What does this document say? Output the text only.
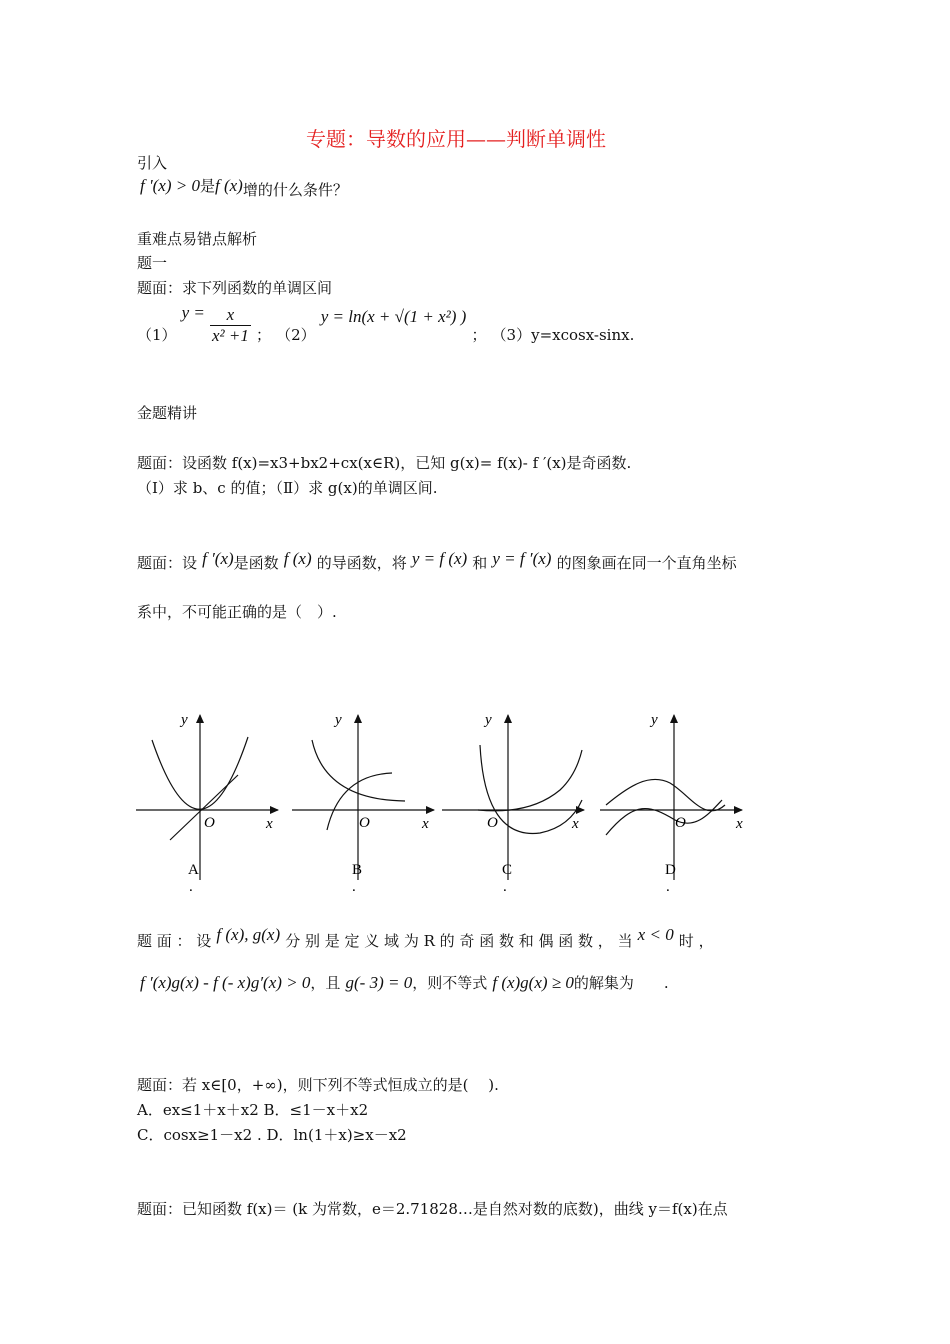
专题：导数的应用——判断单调性
引入
f '(x) > 0是f (x)增的什么条件？
重难点易错点解析
题一
题面：求下列函数的单调区间
（1） $y = \frac{x}{\text{x² +1}}$ ； （2） y = ln(x + √(1 + x²) ) ； （3）y=xcosx-sinx.
金题精讲
题面：设函数 f(x)=x3+bx2+cx(x∈R)，已知 g(x)= f(x)- f ′(x)是奇函数.
（Ⅰ）求 b、c 的值；（Ⅱ）求 g(x)的单调区间.
题面：设 f ′(x)是函数 f (x) 的导函数，将 y = f (x) 和 y = f ′(x) 的图象画在同一个直角坐标
系中，不可能正确的是（　）.
y
x
O
A
.
y
x
O
B
.
y
x
O
C
.
y
x
O
D
.
题 面 ： 设 f (x), g(x) 分 别 是 定 义 域 为 R 的 奇 函 数 和 偶 函 数 ， 当 x < 0 时 ，
f ′(x)g(x) - f (- x)g′(x) > 0，且 g(- 3) = 0，则不等式 f (x)g(x) ≥ 0的解集为　　.
题面：若 x∈[0，+∞)，则下列不等式恒成立的是(　 ).
A．ex≤1＋x＋x2 B．≤1－x＋x2
C．cosx≥1－x2 . D．ln(1＋x)≥x－x2
题面：已知函数 f(x)＝ (k 为常数，e＝2.71828…是自然对数的底数)，曲线 y＝f(x)在点
